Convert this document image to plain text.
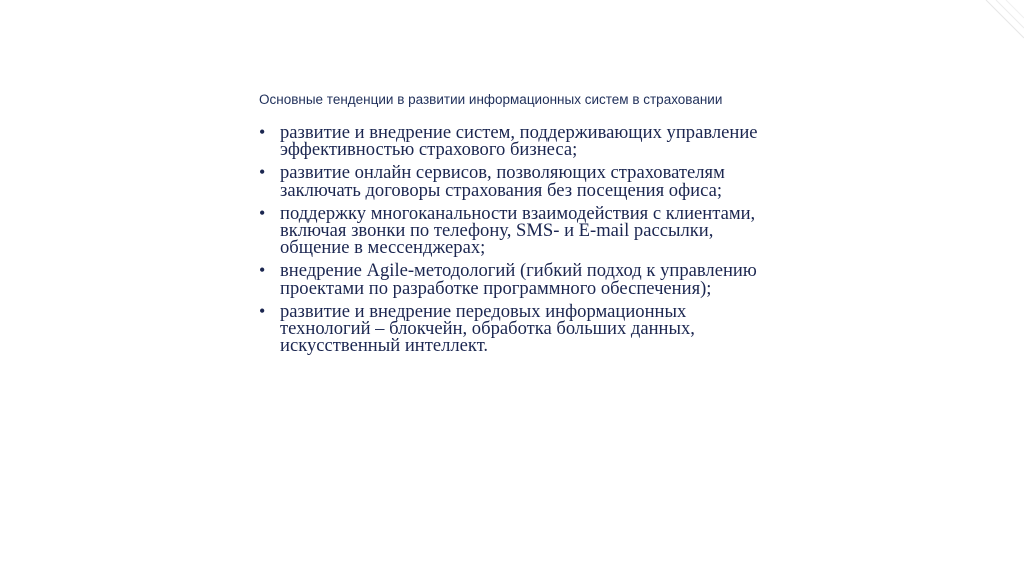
Основные тенденции в развитии информационных систем в страховании
• развитие и внедрение систем, поддерживающих управление эффективностью страхового бизнеса;
• развитие онлайн сервисов, позволяющих страхователям заключать договоры страхования без посещения офиса;
• поддержку многоканальности взаимодействия с клиентами, включая звонки по телефону, SMS- и E-mail рассылки, общение в мессенджерах;
• внедрение Agile-методологий (гибкий подход к управлению проектами по разработке программного обеспечения);
• развитие и внедрение передовых информационных технологий – блокчейн, обработка больших данных, искусственный интеллект.
